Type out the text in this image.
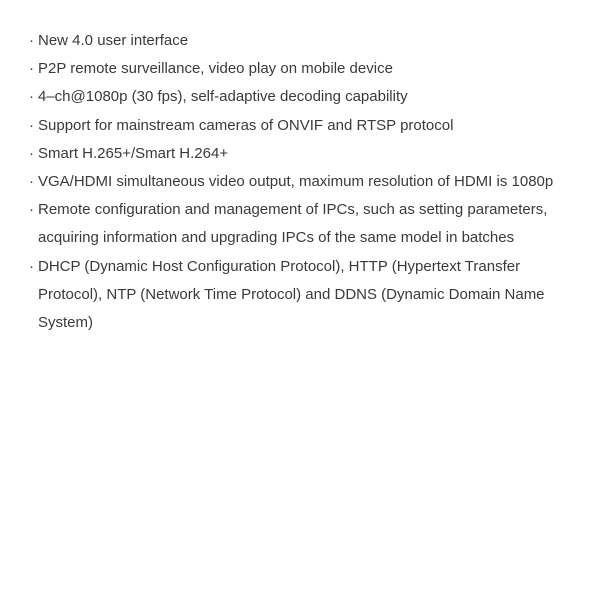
· New 4.0 user interface
· P2P remote surveillance, video play on mobile device
· 4–ch@1080p (30 fps), self-adaptive decoding capability
· Support for mainstream cameras of ONVIF and RTSP protocol
· Smart H.265+/Smart H.264+
· VGA/HDMI simultaneous video output, maximum resolution of HDMI is 1080p
· Remote configuration and management of IPCs, such as setting parameters, acquiring information and upgrading IPCs of the same model in batches
· DHCP (Dynamic Host Configuration Protocol), HTTP (Hypertext Transfer Protocol), NTP (Network Time Protocol) and DDNS (Dynamic Domain Name System)
